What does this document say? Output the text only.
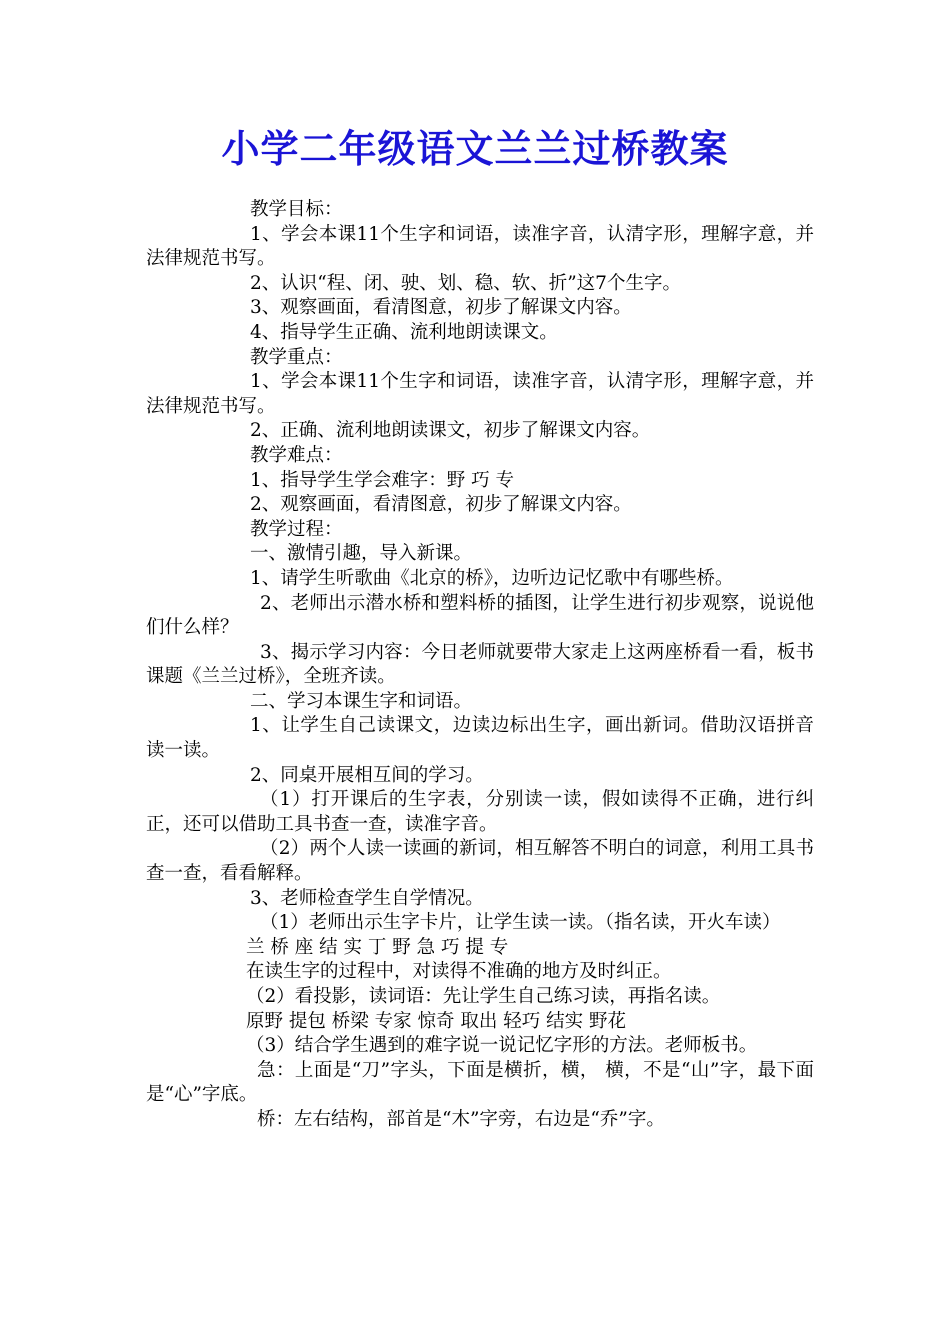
小学二年级语文兰兰过桥教案

教学目标：

1、学会本课11个生字和词语，读准字音，认清字形，理解字意，并法律规范书写。

2、认识“程、闭、驶、划、稳、软、折”这7个生字。

3、观察画面，看清图意，初步了解课文内容。

4、指导学生正确、流利地朗读课文。

教学重点：

1、学会本课11个生字和词语，读准字音，认清字形，理解字意，并法律规范书写。

2、正确、流利地朗读课文，初步了解课文内容。

教学难点：

1、指导学生学会难字：野 巧 专

2、观察画面，看清图意，初步了解课文内容。

教学过程：

一、激情引趣，导入新课。

1、请学生听歌曲《北京的桥》，边听边记忆歌中有哪些桥。

2、老师出示潜水桥和塑料桥的插图，让学生进行初步观察，说说他们什么样？

3、揭示学习内容：今日老师就要带大家走上这两座桥看一看，板书课题《兰兰过桥》，全班齐读。

二、学习本课生字和词语。

1、让学生自己读课文，边读边标出生字，画出新词。借助汉语拼音读一读。

2、同桌开展相互间的学习。

（1）打开课后的生字表，分别读一读，假如读得不正确，进行纠正，还可以借助工具书查一查，读准字音。

（2）两个人读一读画的新词，相互解答不明白的词意，利用工具书查一查，看看解释。

3、老师检查学生自学情况。

（1）老师出示生字卡片，让学生读一读。（指名读，开火车读）

兰 桥 座 结 实 丁 野 急 巧 提 专

在读生字的过程中，对读得不准确的地方及时纠正。

（2）看投影，读词语：先让学生自己练习读，再指名读。

原野 提包 桥梁 专家 惊奇 取出 轻巧 结实 野花

（3）结合学生遇到的难字说一说记忆字形的方法。老师板书。

急：上面是“刀”字头，下面是横折，横， 横，不是“山”字，最下面是“心”字底。

桥：左右结构，部首是“木”字旁，右边是“乔”字。
